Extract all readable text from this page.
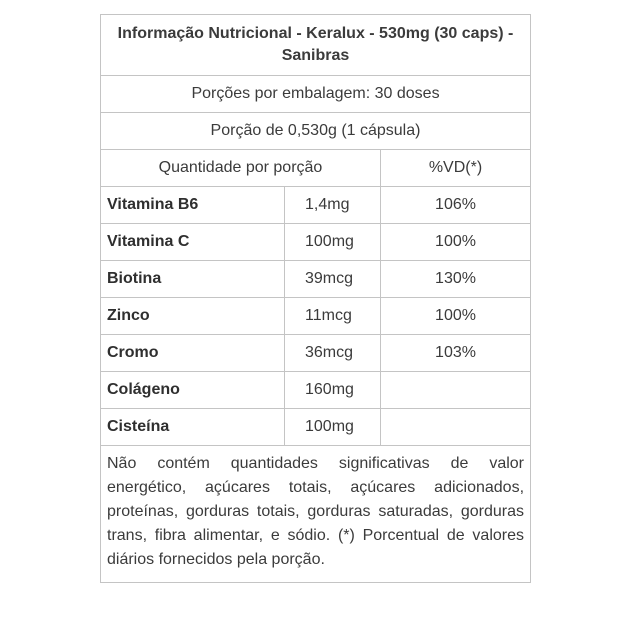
Informação Nutricional - Keralux - 530mg (30 caps) - Sanibras		
Porções por embalagem: 30 doses		
Porção de 0,530g (1 cápsula)		
Quantidade por porção		%VD(*)
Vitamina B6	1,4mg	106%
Vitamina C	100mg	100%
Biotina	39mcg	130%
Zinco	11mcg	100%
Cromo	36mcg	103%
Colágeno	160mg	
Cisteína	100mg	
Não contém quantidades significativas de valor energético, açúcares totais, açúcares adicionados, proteínas, gorduras totais, gorduras saturadas, gorduras trans, fibra alimentar, e sódio. (*) Porcentual de valores diários fornecidos pela porção.		
